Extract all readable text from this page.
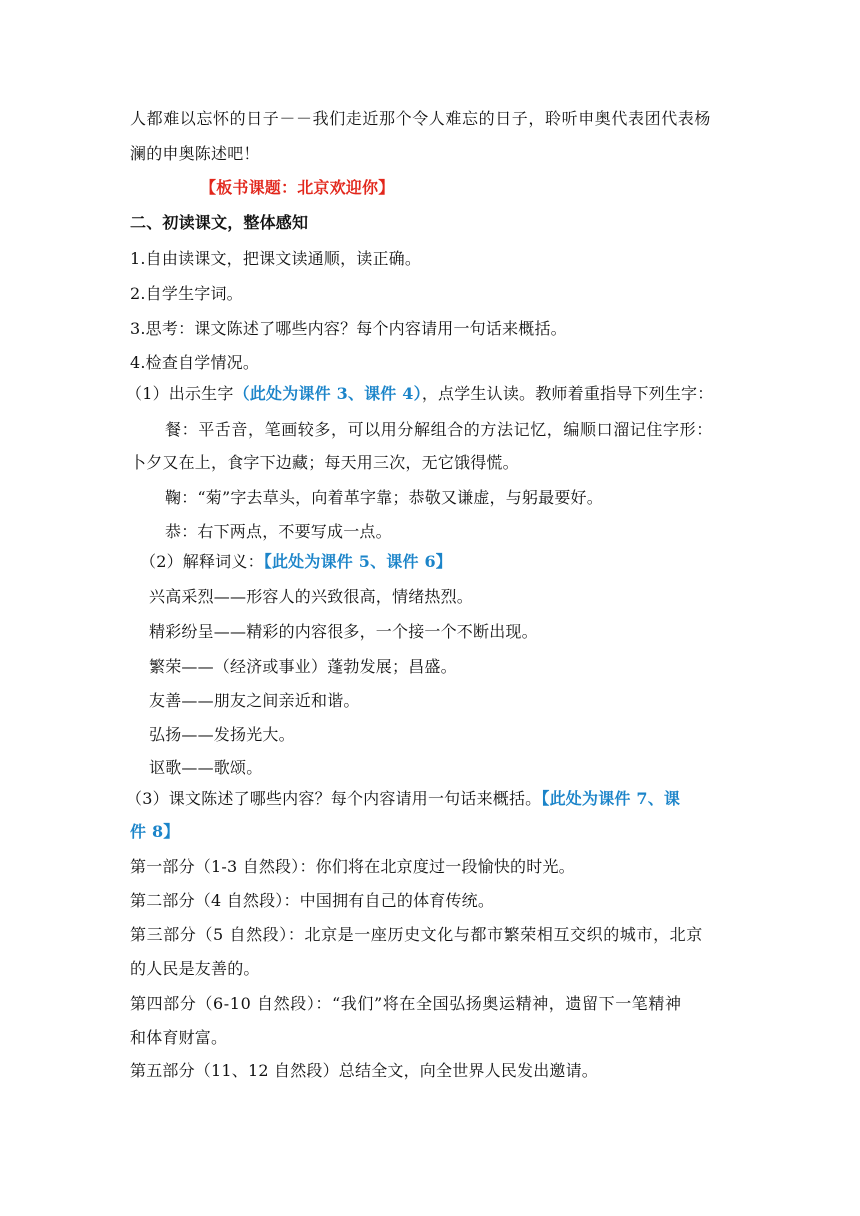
人都难以忘怀的日子－－我们走近那个令人难忘的日子，聆听申奥代表团代表杨
澜的申奥陈述吧！
【板书课题：北京欢迎你】
二、初读课文，整体感知
1.自由读课文，把课文读通顺，读正确。
2.自学生字词。
3.思考：课文陈述了哪些内容？每个内容请用一句话来概括。
4.检查自学情况。
（1）出示生字（此处为课件 3、课件 4），点学生认读。教师着重指导下列生字：
餐：平舌音，笔画较多，可以用分解组合的方法记忆，编顺口溜记住字形：
卜夕又在上，食字下边藏；每天用三次，无它饿得慌。
鞠：“菊”字去草头，向着革字靠；恭敬又谦虚，与躬最要好。
恭：右下两点，不要写成一点。
（2）解释词义：【此处为课件 5、课件 6】
兴高采烈——形容人的兴致很高，情绪热烈。
精彩纷呈——精彩的内容很多，一个接一个不断出现。
繁荣——（经济或事业）蓬勃发展；昌盛。
友善——朋友之间亲近和谐。
弘扬——发扬光大。
讴歌——歌颂。
（3）课文陈述了哪些内容？每个内容请用一句话来概括。【此处为课件 7、课
件 8】
第一部分（1-3 自然段）：你们将在北京度过一段愉快的时光。
第二部分（4 自然段）：中国拥有自己的体育传统。
第三部分（5 自然段）：北京是一座历史文化与都市繁荣相互交织的城市，北京
的人民是友善的。
第四部分（6-10 自然段）：“我们”将在全国弘扬奥运精神，遗留下一笔精神
和体育财富。
第五部分（11、12 自然段）总结全文，向全世界人民发出邀请。
